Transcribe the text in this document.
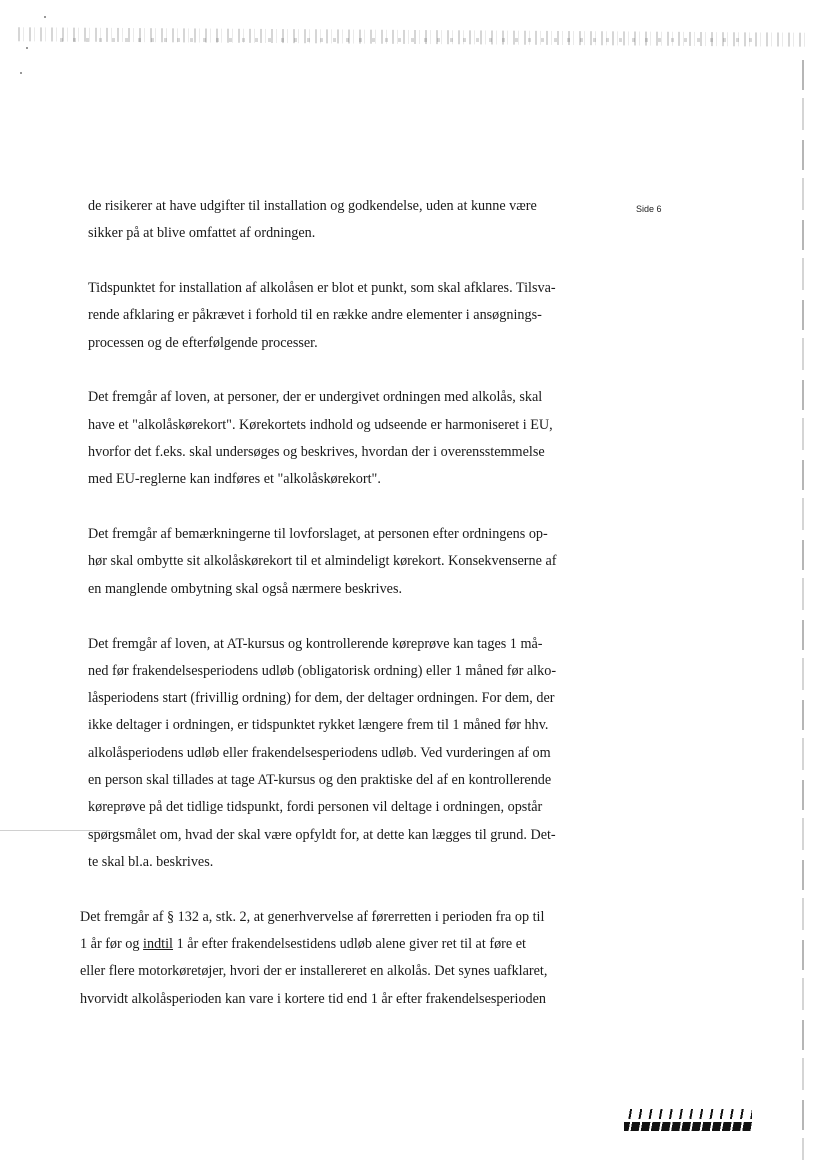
Side 6

de risikerer at have udgifter til installation og godkendelse, uden at kunne være
sikker på at blive omfattet af ordningen.

Tidspunktet for installation af alkolåsen er blot et punkt, som skal afklares. Tilsva-
rende afklaring er påkrævet i forhold til en række andre elementer i ansøgnings-
processen og de efterfølgende processer.

Det fremgår af loven, at personer, der er undergivet ordningen med alkolås, skal
have et "alkolåskørekort". Kørekortets indhold og udseende er harmoniseret i EU,
hvorfor det f.eks. skal undersøges og beskrives, hvordan der i overensstemmelse
med EU-reglerne kan indføres et "alkolåskørekort".

Det fremgår af bemærkningerne til lovforslaget, at personen efter ordningens op-
hør skal ombytte sit alkolåskørekort til et almindeligt kørekort. Konsekvenserne af
en manglende ombytning skal også nærmere beskrives.

Det fremgår af loven, at AT-kursus og kontrollerende køreprøve kan tages 1 må-
ned før frakendelsesperiodens udløb (obligatorisk ordning) eller 1 måned før alko-
låsperiodens start (frivillig ordning) for dem, der deltager ordningen. For dem, der
ikke deltager i ordningen, er tidspunktet rykket længere frem til 1 måned før hhv.
alkolåsperiodens udløb eller frakendelsesperiodens udløb. Ved vurderingen af om
en person skal tillades at tage AT-kursus og den praktiske del af en kontrollerende
køreprøve på det tidlige tidspunkt, fordi personen vil deltage i ordningen, opstår
spørgsmålet om, hvad der skal være opfyldt for, at dette kan lægges til grund. Det-
te skal bl.a. beskrives.

Det fremgår af § 132 a, stk. 2, at generhvervelse af førerretten i perioden fra op til
1 år før og indtil 1 år efter frakendelsestidens udløb alene giver ret til at føre et
eller flere motorkøretøjer, hvori der er installereret en alkolås. Det synes uafklaret,
hvorvidt alkolåsperioden kan vare i kortere tid end 1 år efter frakendelsesperioden
